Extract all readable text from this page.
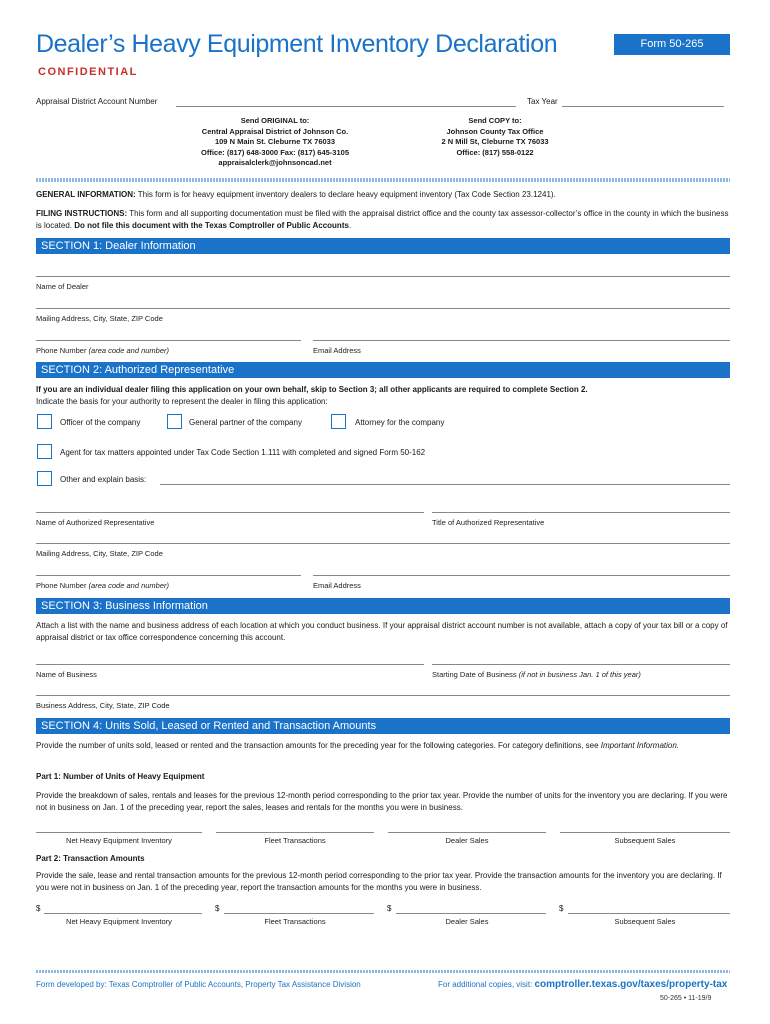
Dealer’s Heavy Equipment Inventory Declaration	Form 50-265
CONFIDENTIAL
Appraisal District Account Number	Tax Year
Send ORIGINAL to:
Central Appraisal District of Johnson Co.
109 N Main St. Cleburne TX 76033
Office: (817) 648-3000 Fax: (817) 645-3105
appraisalclerk@johnsoncad.net
Send COPY to:
Johnson County Tax Office
2 N Mill St, Cleburne TX 76033
Office: (817) 558-0122
GENERAL INFORMATION: This form is for heavy equipment inventory dealers to declare heavy equipment inventory (Tax Code Section 23.1241).
FILING INSTRUCTIONS: This form and all supporting documentation must be filed with the appraisal district office and the county tax assessor-collector’s office in the county in which the business is located. Do not file this document with the Texas Comptroller of Public Accounts.
SECTION 1: Dealer Information
Name of Dealer
Mailing Address, City, State, ZIP Code
Phone Number (area code and number)	Email Address
SECTION 2: Authorized Representative
If you are an individual dealer filing this application on your own behalf, skip to Section 3; all other applicants are required to complete Section 2.
Indicate the basis for your authority to represent the dealer in filing this application:
Officer of the company	General partner of the company	Attorney for the company
Agent for tax matters appointed under Tax Code Section 1.111 with completed and signed Form 50-162
Other and explain basis:
Name of Authorized Representative	Title of Authorized Representative
Mailing Address, City, State, ZIP Code
Phone Number (area code and number)	Email Address
SECTION 3: Business Information
Attach a list with the name and business address of each location at which you conduct business. If your appraisal district account number is not available, attach a copy of your tax bill or a copy of appraisal district or tax office correspondence concerning this account.
Name of Business	Starting Date of Business (if not in business Jan. 1 of this year)
Business Address, City, State, ZIP Code
SECTION 4: Units Sold, Leased or Rented and Transaction Amounts
Provide the number of units sold, leased or rented and the transaction amounts for the preceding year for the following categories. For category definitions, see Important Information.
Part 1: Number of Units of Heavy Equipment
Provide the breakdown of sales, rentals and leases for the previous 12-month period corresponding to the prior tax year. Provide the number of units for the inventory you are declaring. If you were not in business on Jan. 1 of the preceding year, report the sales, leases and rentals for the months you were in business.
Net Heavy Equipment Inventory	Fleet Transactions	Dealer Sales	Subsequent Sales
Part 2: Transaction Amounts
Provide the sale, lease and rental transaction amounts for the previous 12-month period corresponding to the prior tax year. Provide the transaction amounts for the inventory you are declaring. If you were not in business on Jan. 1 of the preceding year, report the transaction amounts for the months you were in business.
$	$	$	$
Net Heavy Equipment Inventory	Fleet Transactions	Dealer Sales	Subsequent Sales
Form developed by: Texas Comptroller of Public Accounts, Property Tax Assistance Division	For additional copies, visit: comptroller.texas.gov/taxes/property-tax
50-265 • 11-19/9
